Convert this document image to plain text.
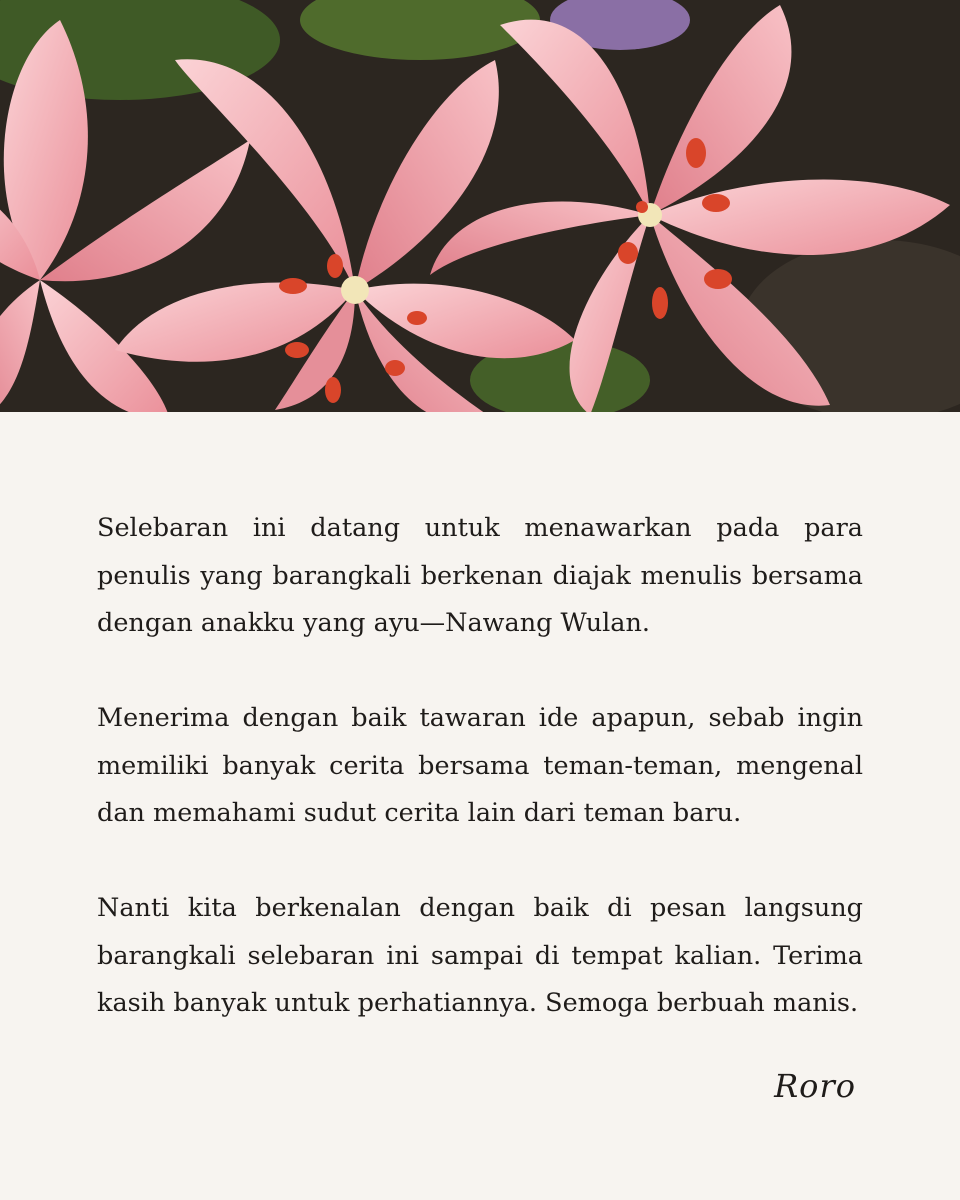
Selebaran ini datang untuk menawarkan pada para penulis yang barangkali berkenan diajak menulis bersama dengan anakku yang ayu—Nawang Wulan.

Menerima dengan baik tawaran ide apapun, sebab ingin memiliki banyak cerita bersama teman-teman, mengenal dan memahami sudut cerita lain dari teman baru.

Nanti kita berkenalan dengan baik di pesan langsung barangkali selebaran ini sampai di tempat kalian. Terima kasih banyak untuk perhatiannya. Semoga berbuah manis.

Roro
